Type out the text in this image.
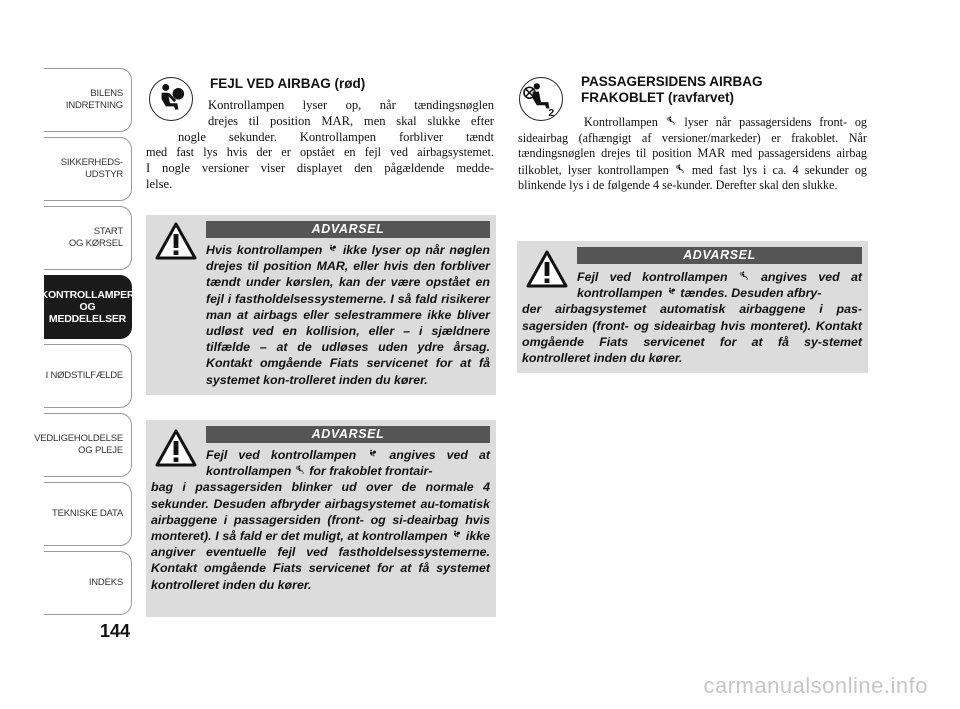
BILENS
INDRETNING
SIKKERHEDS-
UDSTYR
START
OG KØRSEL
KONTROLLAMPER
OG MEDDELELSER
I NØDSTILFÆLDE
VEDLIGEHOLDELSE
OG PLEJE
TEKNISKE DATA
INDEKS
144
FEJL VED AIRBAG (rød)
Kontrollampen lyser op, når tændingsnøglen
drejes til position MAR, men skal slukke efter
nogle sekunder. Kontrollampen forbliver tændt
med fast lys hvis der er opstået en fejl ved airbagsystemet.
I nogle versioner viser displayet den pågældende medde-
lelse.
ADVARSEL
Hvis kontrollampen ikke lyser op når nøglen drejes til position MAR, eller hvis den forbliver tændt under kørslen, kan der være opstået en fejl i fastholdelsessystemerne. I så fald risikerer man at airbags eller selestrammere ikke bliver udløst ved en kollision, eller – i sjældnere tilfælde – at de udløses uden ydre årsag. Kontakt omgående Fiats servicenet for at få systemet kon-trolleret inden du kører.
ADVARSEL
Fejl ved kontrollampen	angives ved at kontrollampen for frakoblet frontair-
bag i passagersiden blinker ud over de normale 4 sekunder. Desuden afbryder airbagsystemet au-tomatisk airbaggene i passagersiden (front- og si-deairbag hvis monteret). I så fald er det muligt, at kontrollampen ikke angiver eventuelle fejl ved fastholdelsessystemerne. Kontakt omgående Fiats servicenet for at få systemet kontrolleret inden du kører.
PASSAGERSIDENS AIRBAG
FRAKOBLET (ravfarvet)
Kontrollampen lyser når passagersidens front- og sideairbag (afhængigt af versioner/markeder) er frakoblet. Når tændingsnøglen drejes til position MAR med passagersidens airbag tilkoblet, lyser kontrollampen med fast lys i ca. 4 sekunder og blinkende lys i de følgende 4 se-kunder. Derefter skal den slukke.
ADVARSEL
Fejl ved kontrollampen	angives ved at kontrollampen tændes. Desuden afbry-
der airbagsystemet automatisk airbaggene i pas-sagersiden (front- og sideairbag hvis monteret). Kontakt omgående Fiats servicenet for at få sy-stemet kontrolleret inden du kører.
carmanualsonline.info
